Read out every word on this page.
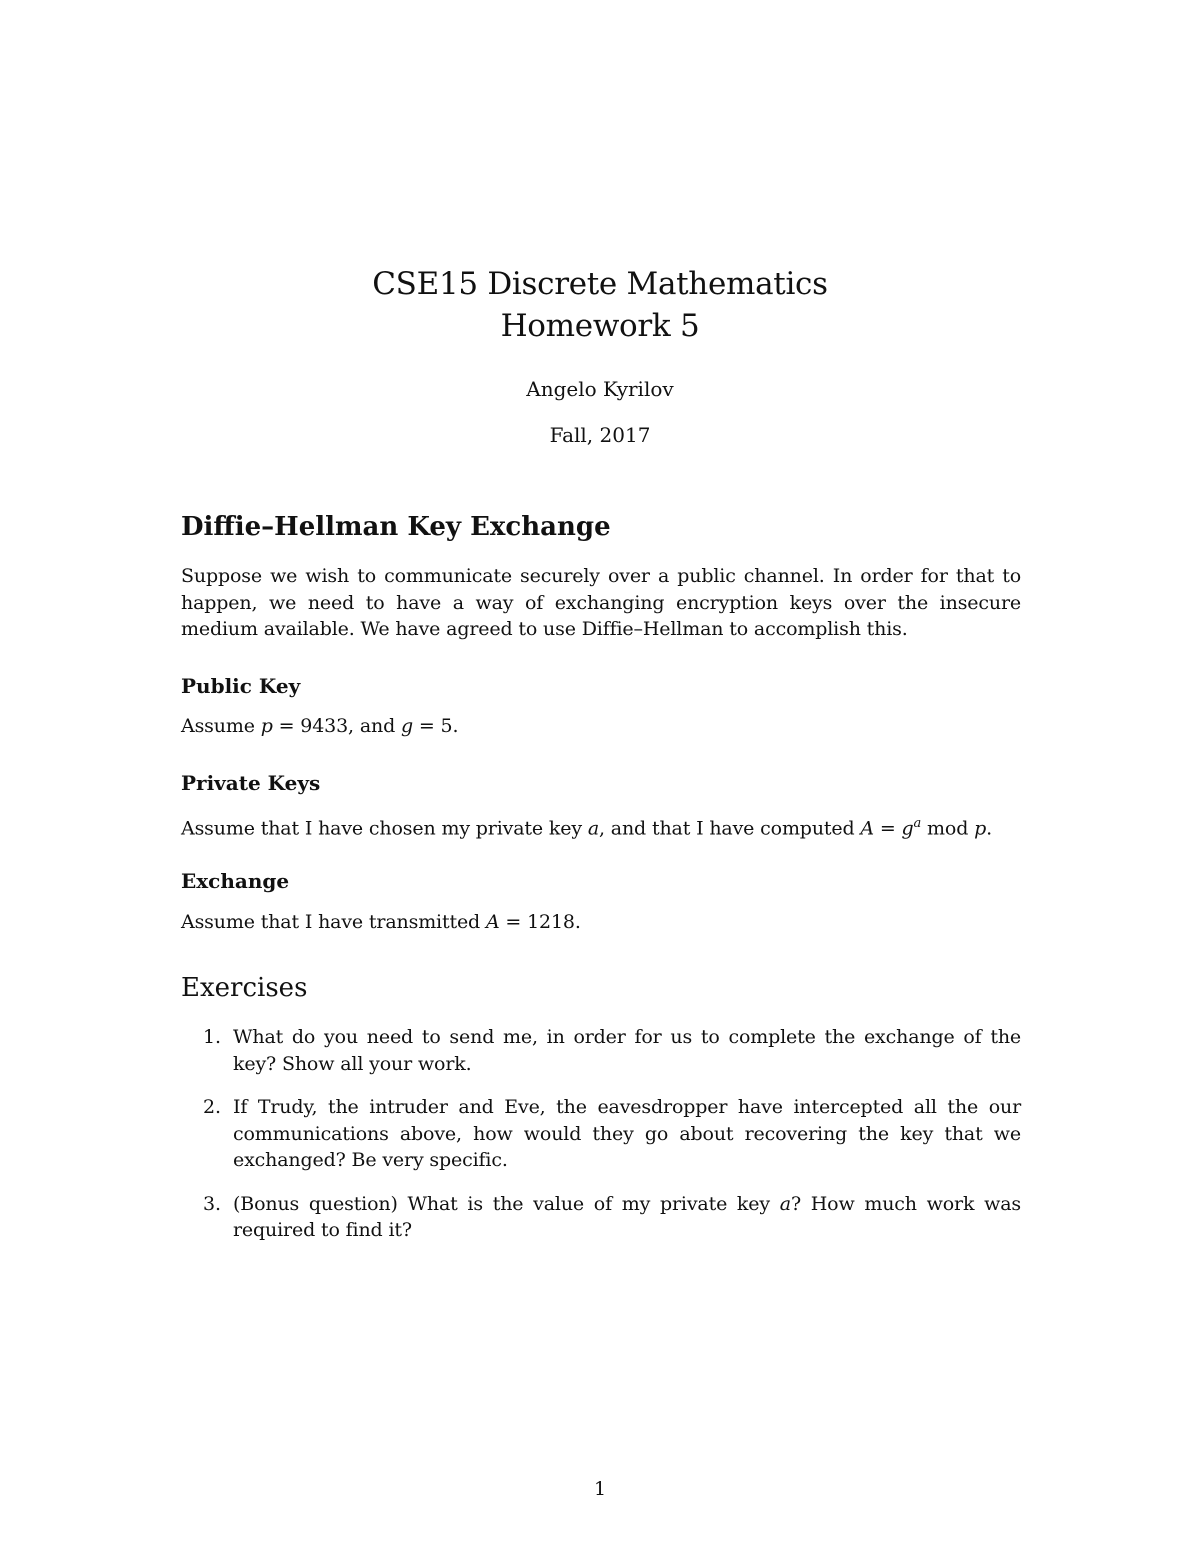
CSE15 Discrete Mathematics

Homework 5

Angelo Kyrilov

Fall, 2017

Diffie–Hellman Key Exchange

Suppose we wish to communicate securely over a public channel. In order for that to happen, we need to have a way of exchanging encryption keys over the insecure medium available. We have agreed to use Diffie–Hellman to accomplish this.

Public Key

Assume p = 9433, and g = 5.

Private Keys

Assume that I have chosen my private key a, and that I have computed $A = g^a$ mod p.

Exchange

Assume that I have transmitted A = 1218.

Exercises
1. What do you need to send me, in order for us to complete the exchange of the key? Show all your work.
2. If Trudy, the intruder and Eve, the eavesdropper have intercepted all the our communications above, how would they go about recovering the key that we exchanged? Be very specific.
3. (Bonus question) What is the value of my private key a? How much work was required to find it?
1
